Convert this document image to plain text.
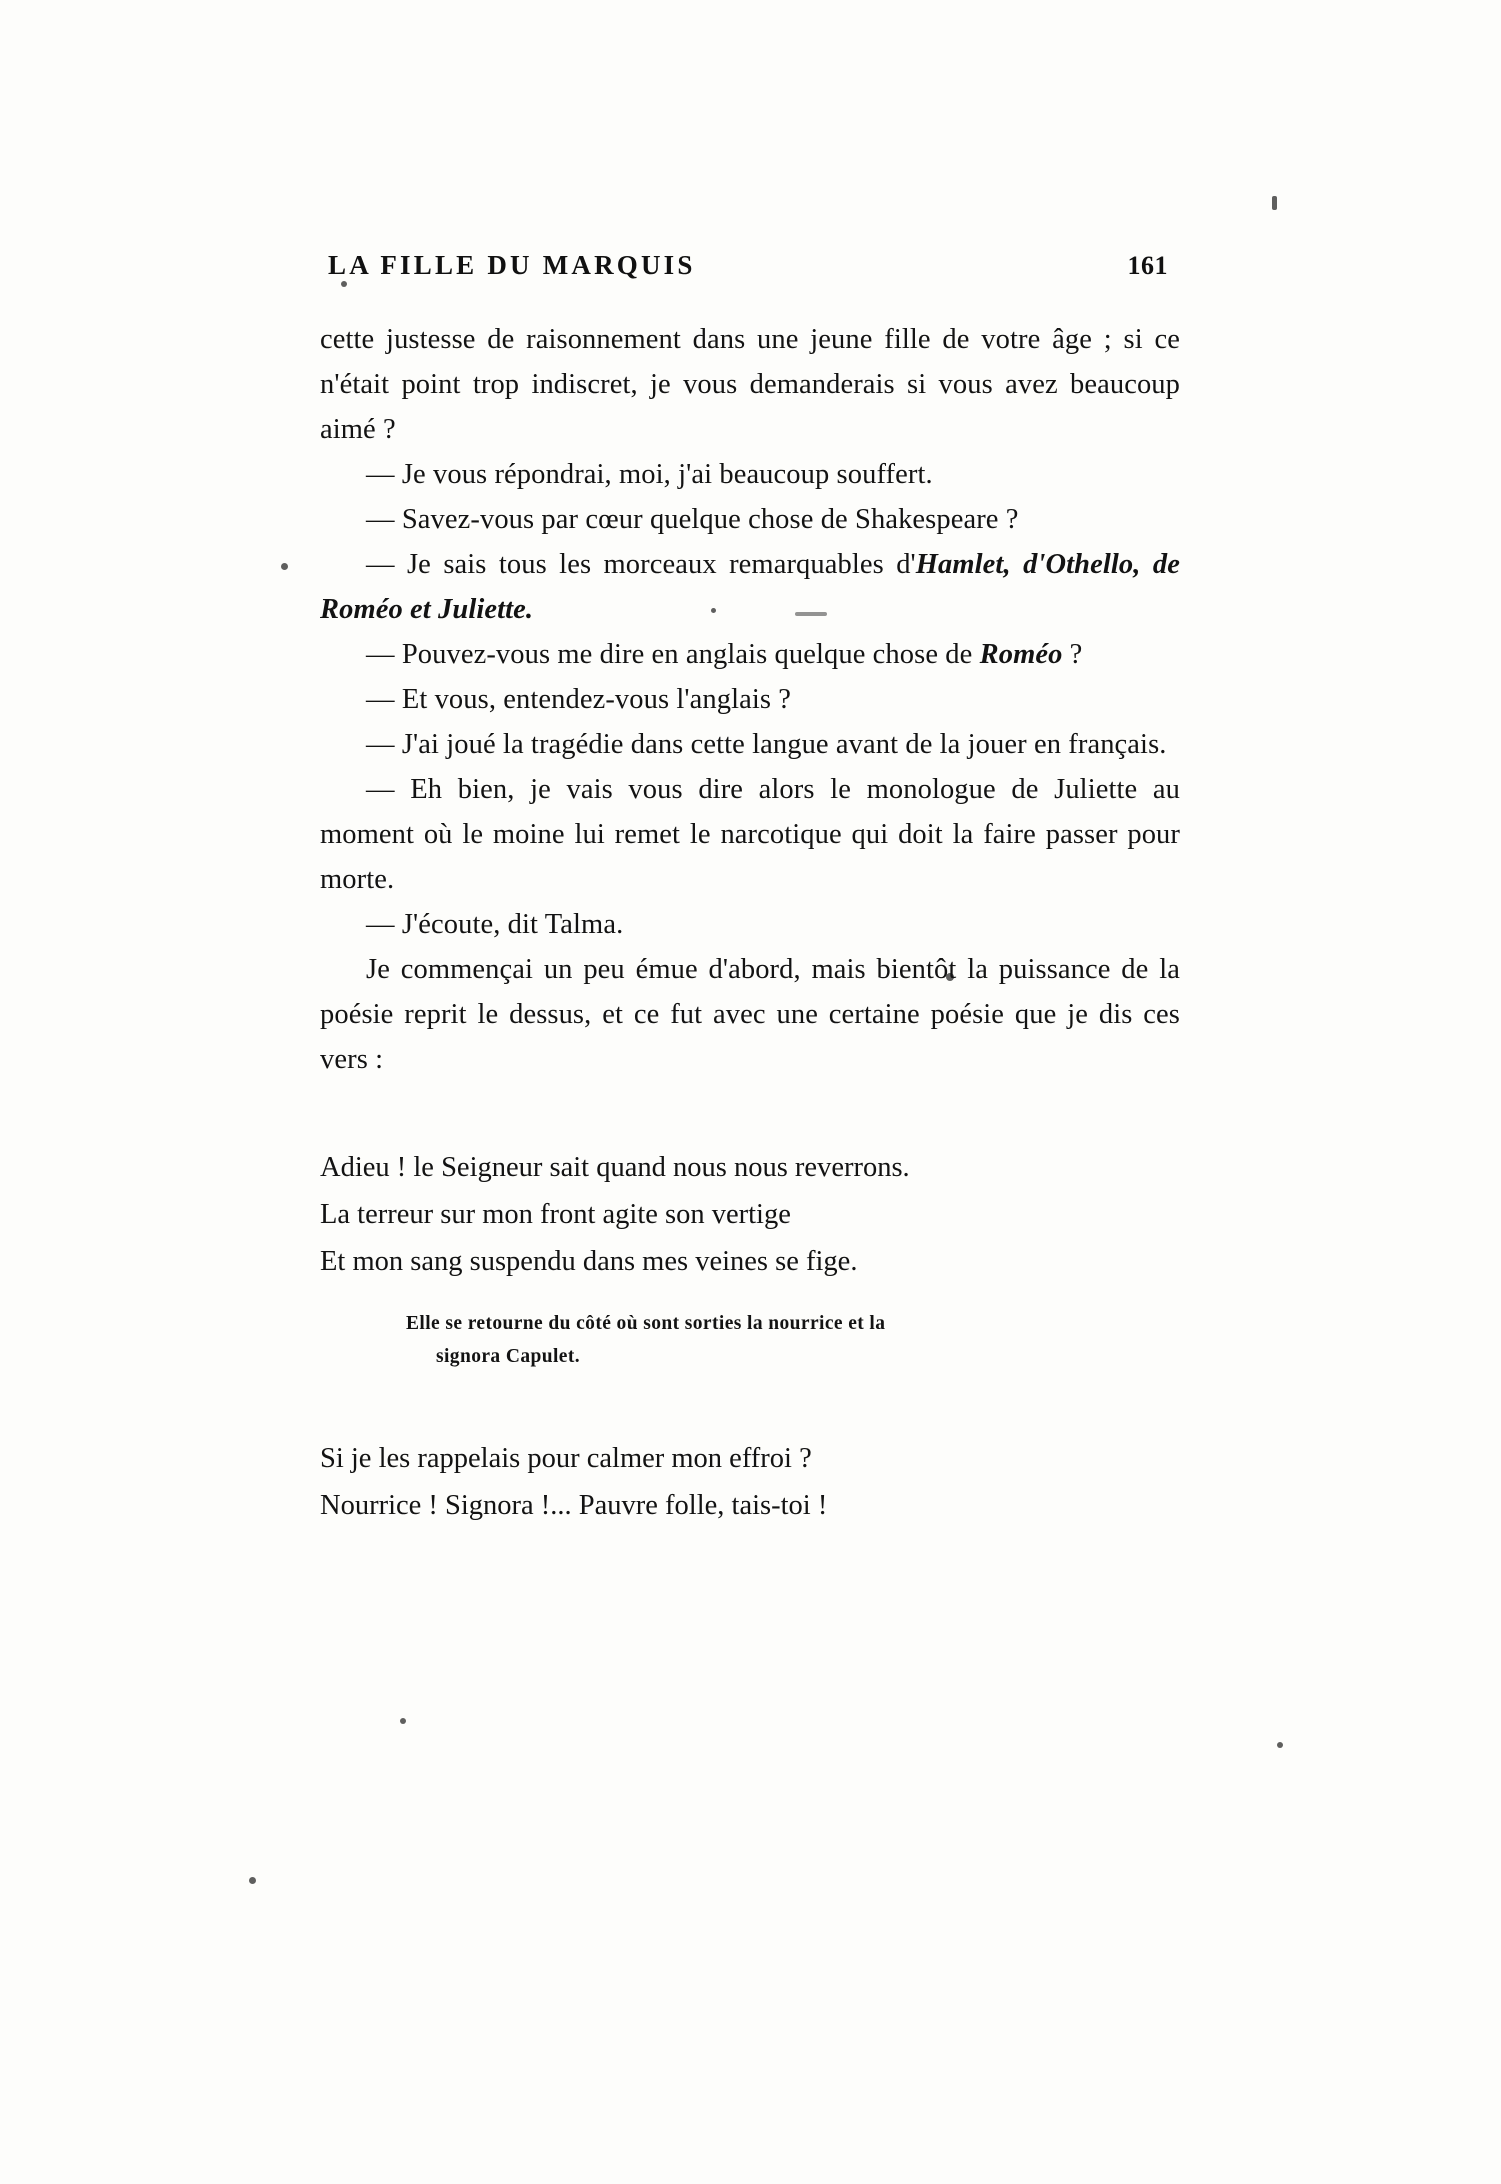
LA FILLE DU MARQUIS	161

cette justesse de raisonnement dans une jeune fille de votre âge ; si ce n'était point trop indiscret, je vous demanderais si vous avez beaucoup aimé ?

— Je vous répondrai, moi, j'ai beaucoup souffert.

— Savez-vous par cœur quelque chose de Shakespeare ?

— Je sais tous les morceaux remarquables d'Hamlet, d'Othello, de Roméo et Juliette.

— Pouvez-vous me dire en anglais quelque chose de Roméo ?

— Et vous, entendez-vous l'anglais ?

— J'ai joué la tragédie dans cette langue avant de la jouer en français.

— Eh bien, je vais vous dire alors le monologue de Juliette au moment où le moine lui remet le narcotique qui doit la faire passer pour morte.

— J'écoute, dit Talma.

Je commençai un peu émue d'abord, mais bientôt la puissance de la poésie reprit le dessus, et ce fut avec une certaine poésie que je dis ces vers :

Adieu ! le Seigneur sait quand nous nous reverrons.
La terreur sur mon front agite son vertige
Et mon sang suspendu dans mes veines se fige.
Elle se retourne du côté où sont sorties la nourrice et la
signora Capulet.
Si je les rappelais pour calmer mon effroi ?
Nourrice ! Signora !... Pauvre folle, tais-toi !
